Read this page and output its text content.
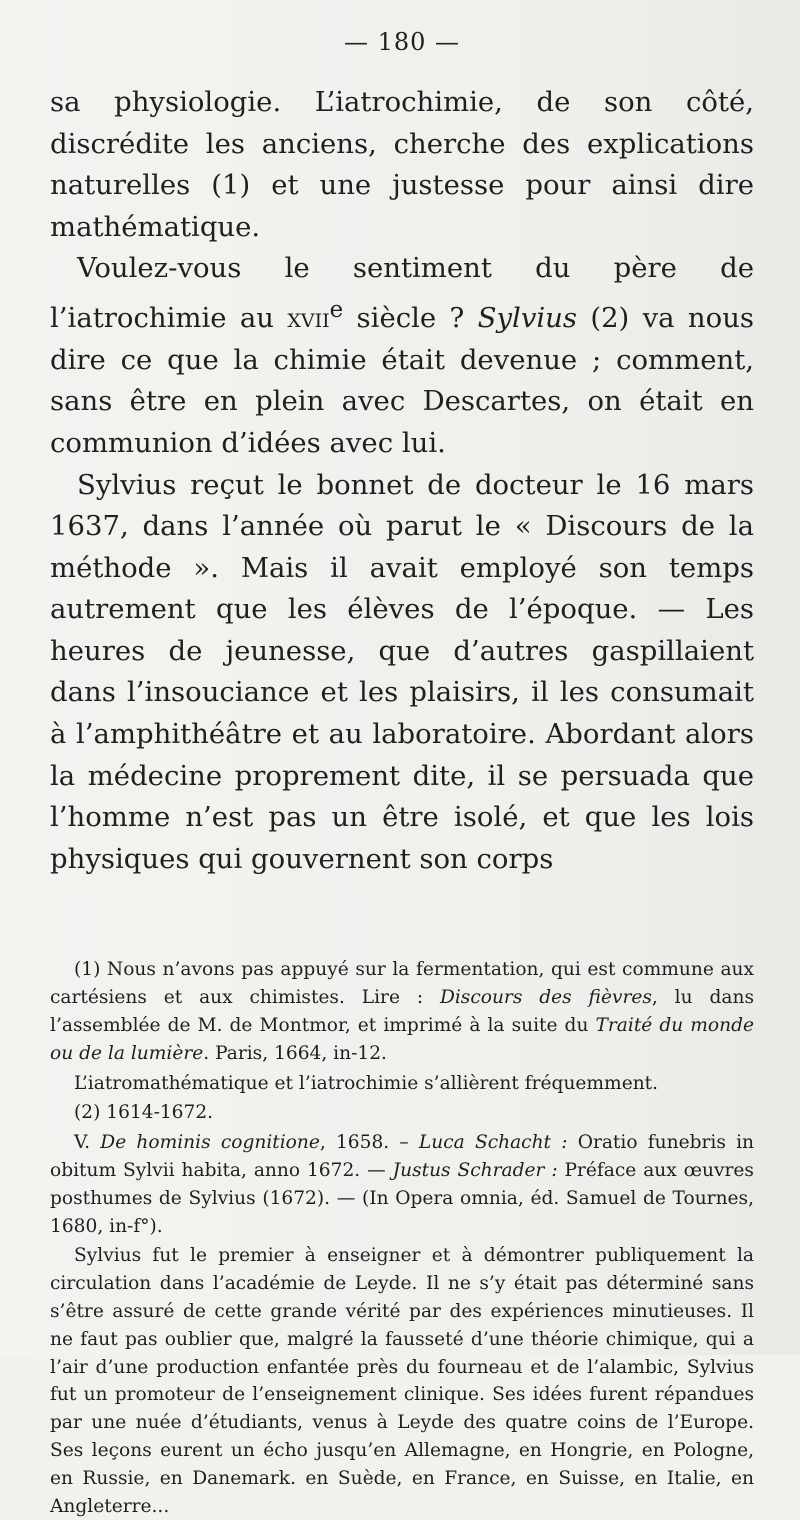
— 180 —

sa physiologie. L’iatrochimie, de son côté, discrédite les anciens, cherche des explications naturelles (1) et une justesse pour ainsi dire mathématique.

Voulez-vous le sentiment du père de l’iatrochimie au xvii$^e$ siècle ? Sylvius (2) va nous dire ce que la chimie était devenue ; comment, sans être en plein avec Descartes, on était en communion d’idées avec lui.

Sylvius reçut le bonnet de docteur le 16 mars 1637, dans l’année où parut le « Discours de la méthode ». Mais il avait employé son temps autrement que les élèves de l’époque. — Les heures de jeunesse, que d’autres gaspillaient dans l’insouciance et les plaisirs, il les consumait à l’amphithéâtre et au laboratoire. Abordant alors la médecine proprement dite, il se persuada que l’homme n’est pas un être isolé, et que les lois physiques qui gouvernent son corps

(1) Nous n’avons pas appuyé sur la fermentation, qui est commune aux cartésiens et aux chimistes. Lire : Discours des fièvres, lu dans l’assemblée de M. de Montmor, et imprimé à la suite du Traité du monde ou de la lumière. Paris, 1664, in-12.

L’iatromathématique et l’iatrochimie s’allièrent fréquemment.

(2) 1614-1672.

V. De hominis cognitione, 1658. – Luca Schacht : Oratio funebris in obitum Sylvii habita, anno 1672. — Justus Schrader : Préface aux œuvres posthumes de Sylvius (1672). — (In Opera omnia, éd. Samuel de Tournes, 1680, in-f°).

Sylvius fut le premier à enseigner et à démontrer publiquement la circulation dans l’académie de Leyde. Il ne s’y était pas déterminé sans s’être assuré de cette grande vérité par des expériences minutieuses. Il ne faut pas oublier que, malgré la fausseté d’une théorie chimique, qui a l’air d’une production enfantée près du fourneau et de l’alambic, Sylvius fut un promoteur de l’enseignement clinique. Ses idées furent répandues par une nuée d’étudiants, venus à Leyde des quatre coins de l’Europe. Ses leçons eurent un écho jusqu’en Allemagne, en Hongrie, en Pologne, en Russie, en Danemark. en Suède, en France, en Suisse, en Italie, en Angleterre...
